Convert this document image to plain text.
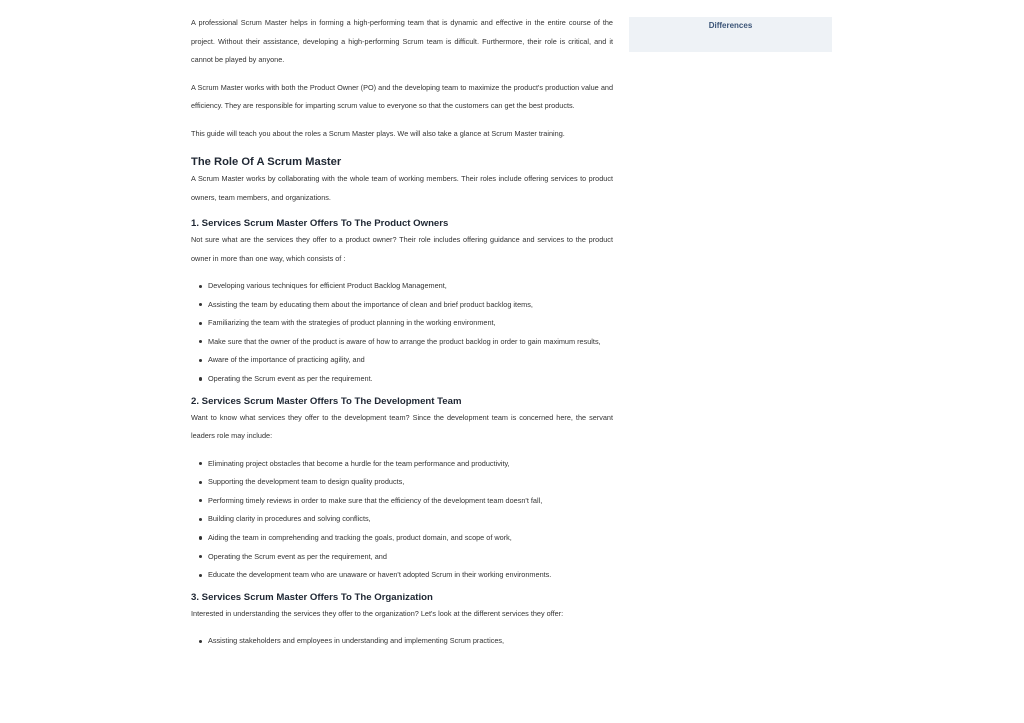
A professional Scrum Master helps in forming a high-performing team that is dynamic and effective in the entire course of the project. Without their assistance, developing a high-performing Scrum team is difficult. Furthermore, their role is critical, and it cannot be played by anyone.

A Scrum Master works with both the Product Owner (PO) and the developing team to maximize the product's production value and efficiency. They are responsible for imparting scrum value to everyone so that the customers can get the best products.

This guide will teach you about the roles a Scrum Master plays. We will also take a glance at Scrum Master training.

The Role Of A Scrum Master

A Scrum Master works by collaborating with the whole team of working members. Their roles include offering services to product owners, team members, and organizations.

1. Services Scrum Master Offers To The Product Owners

Not sure what are the services they offer to a product owner? Their role includes offering guidance and services to the product owner in more than one way, which consists of :

Developing various techniques for efficient Product Backlog Management,
Assisting the team by educating them about the importance of clean and brief product backlog items,
Familiarizing the team with the strategies of product planning in the working environment,
Make sure that the owner of the product is aware of how to arrange the product backlog in order to gain maximum results,
Aware of the importance of practicing agility, and
Operating the Scrum event as per the requirement.
2. Services Scrum Master Offers To The Development Team

Want to know what services they offer to the development team? Since the development team is concerned here, the servant leaders role may include:

Eliminating project obstacles that become a hurdle for the team performance and productivity,
Supporting the development team to design quality products,
Performing timely reviews in order to make sure that the efficiency of the development team doesn't fall,
Building clarity in procedures and solving conflicts,
Aiding the team in comprehending and tracking the goals, product domain, and scope of work,
Operating the Scrum event as per the requirement, and
Educate the development team who are unaware or haven't adopted Scrum in their working environments.
3. Services Scrum Master Offers To The Organization

Interested in understanding the services they offer to the organization? Let's look at the different services they offer:

Assisting stakeholders and employees in understanding and implementing Scrum practices,
Differences
